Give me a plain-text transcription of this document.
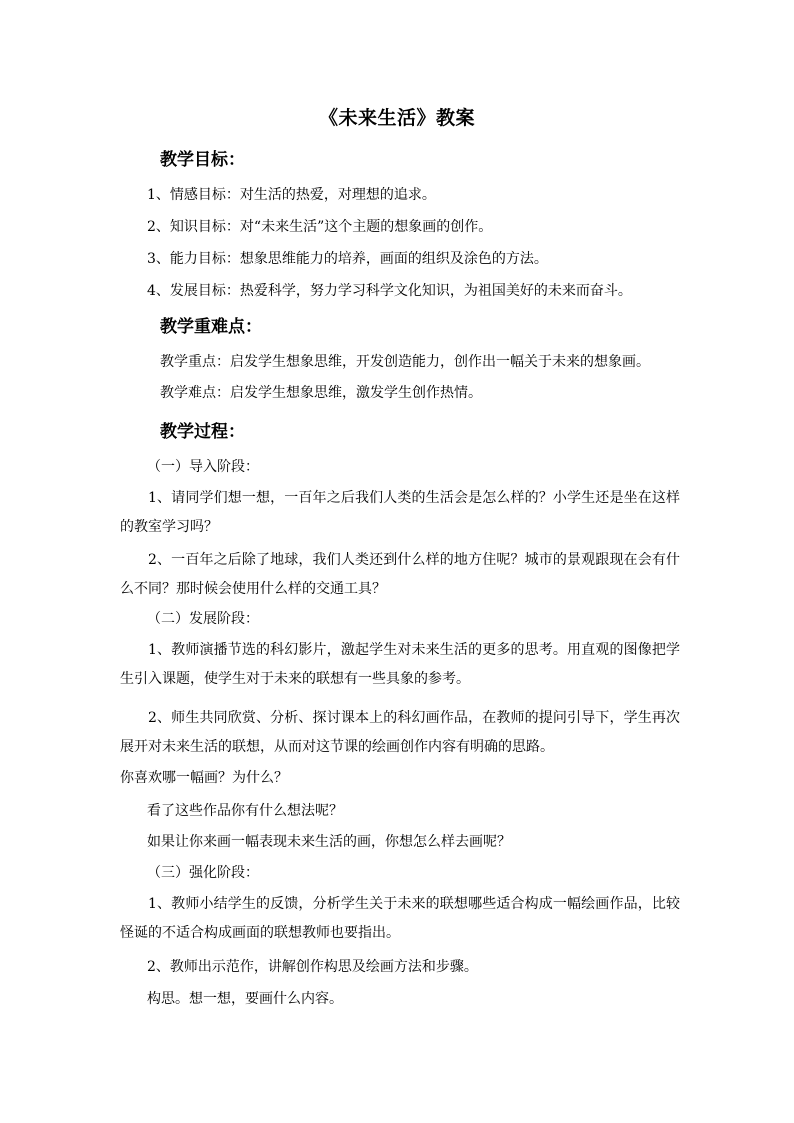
《未来生活》教案
教学目标：
1、情感目标：对生活的热爱，对理想的追求。
2、知识目标：对“未来生活”这个主题的想象画的创作。
3、能力目标：想象思维能力的培养，画面的组织及涂色的方法。
4、发展目标：热爱科学，努力学习科学文化知识，为祖国美好的未来而奋斗。
教学重难点：
教学重点：启发学生想象思维，开发创造能力，创作出一幅关于未来的想象画。
教学难点：启发学生想象思维，激发学生创作热情。
教学过程：
（一）导入阶段：
1、请同学们想一想，一百年之后我们人类的生活会是怎么样的？小学生还是坐在这样的教室学习吗？
2、一百年之后除了地球，我们人类还到什么样的地方住呢？城市的景观跟现在会有什么不同？那时候会使用什么样的交通工具？
（二）发展阶段：
1、教师演播节选的科幻影片，激起学生对未来生活的更多的思考。用直观的图像把学生引入课题，使学生对于未来的联想有一些具象的参考。
2、师生共同欣赏、分析、探讨课本上的科幻画作品，在教师的提问引导下，学生再次展开对未来生活的联想，从而对这节课的绘画创作内容有明确的思路。
你喜欢哪一幅画？为什么？
看了这些作品你有什么想法呢？
如果让你来画一幅表现未来生活的画，你想怎么样去画呢？
（三）强化阶段：
1、教师小结学生的反馈，分析学生关于未来的联想哪些适合构成一幅绘画作品，比较怪诞的不适合构成画面的联想教师也要指出。
2、教师出示范作，讲解创作构思及绘画方法和步骤。
构思。想一想，要画什么内容。
